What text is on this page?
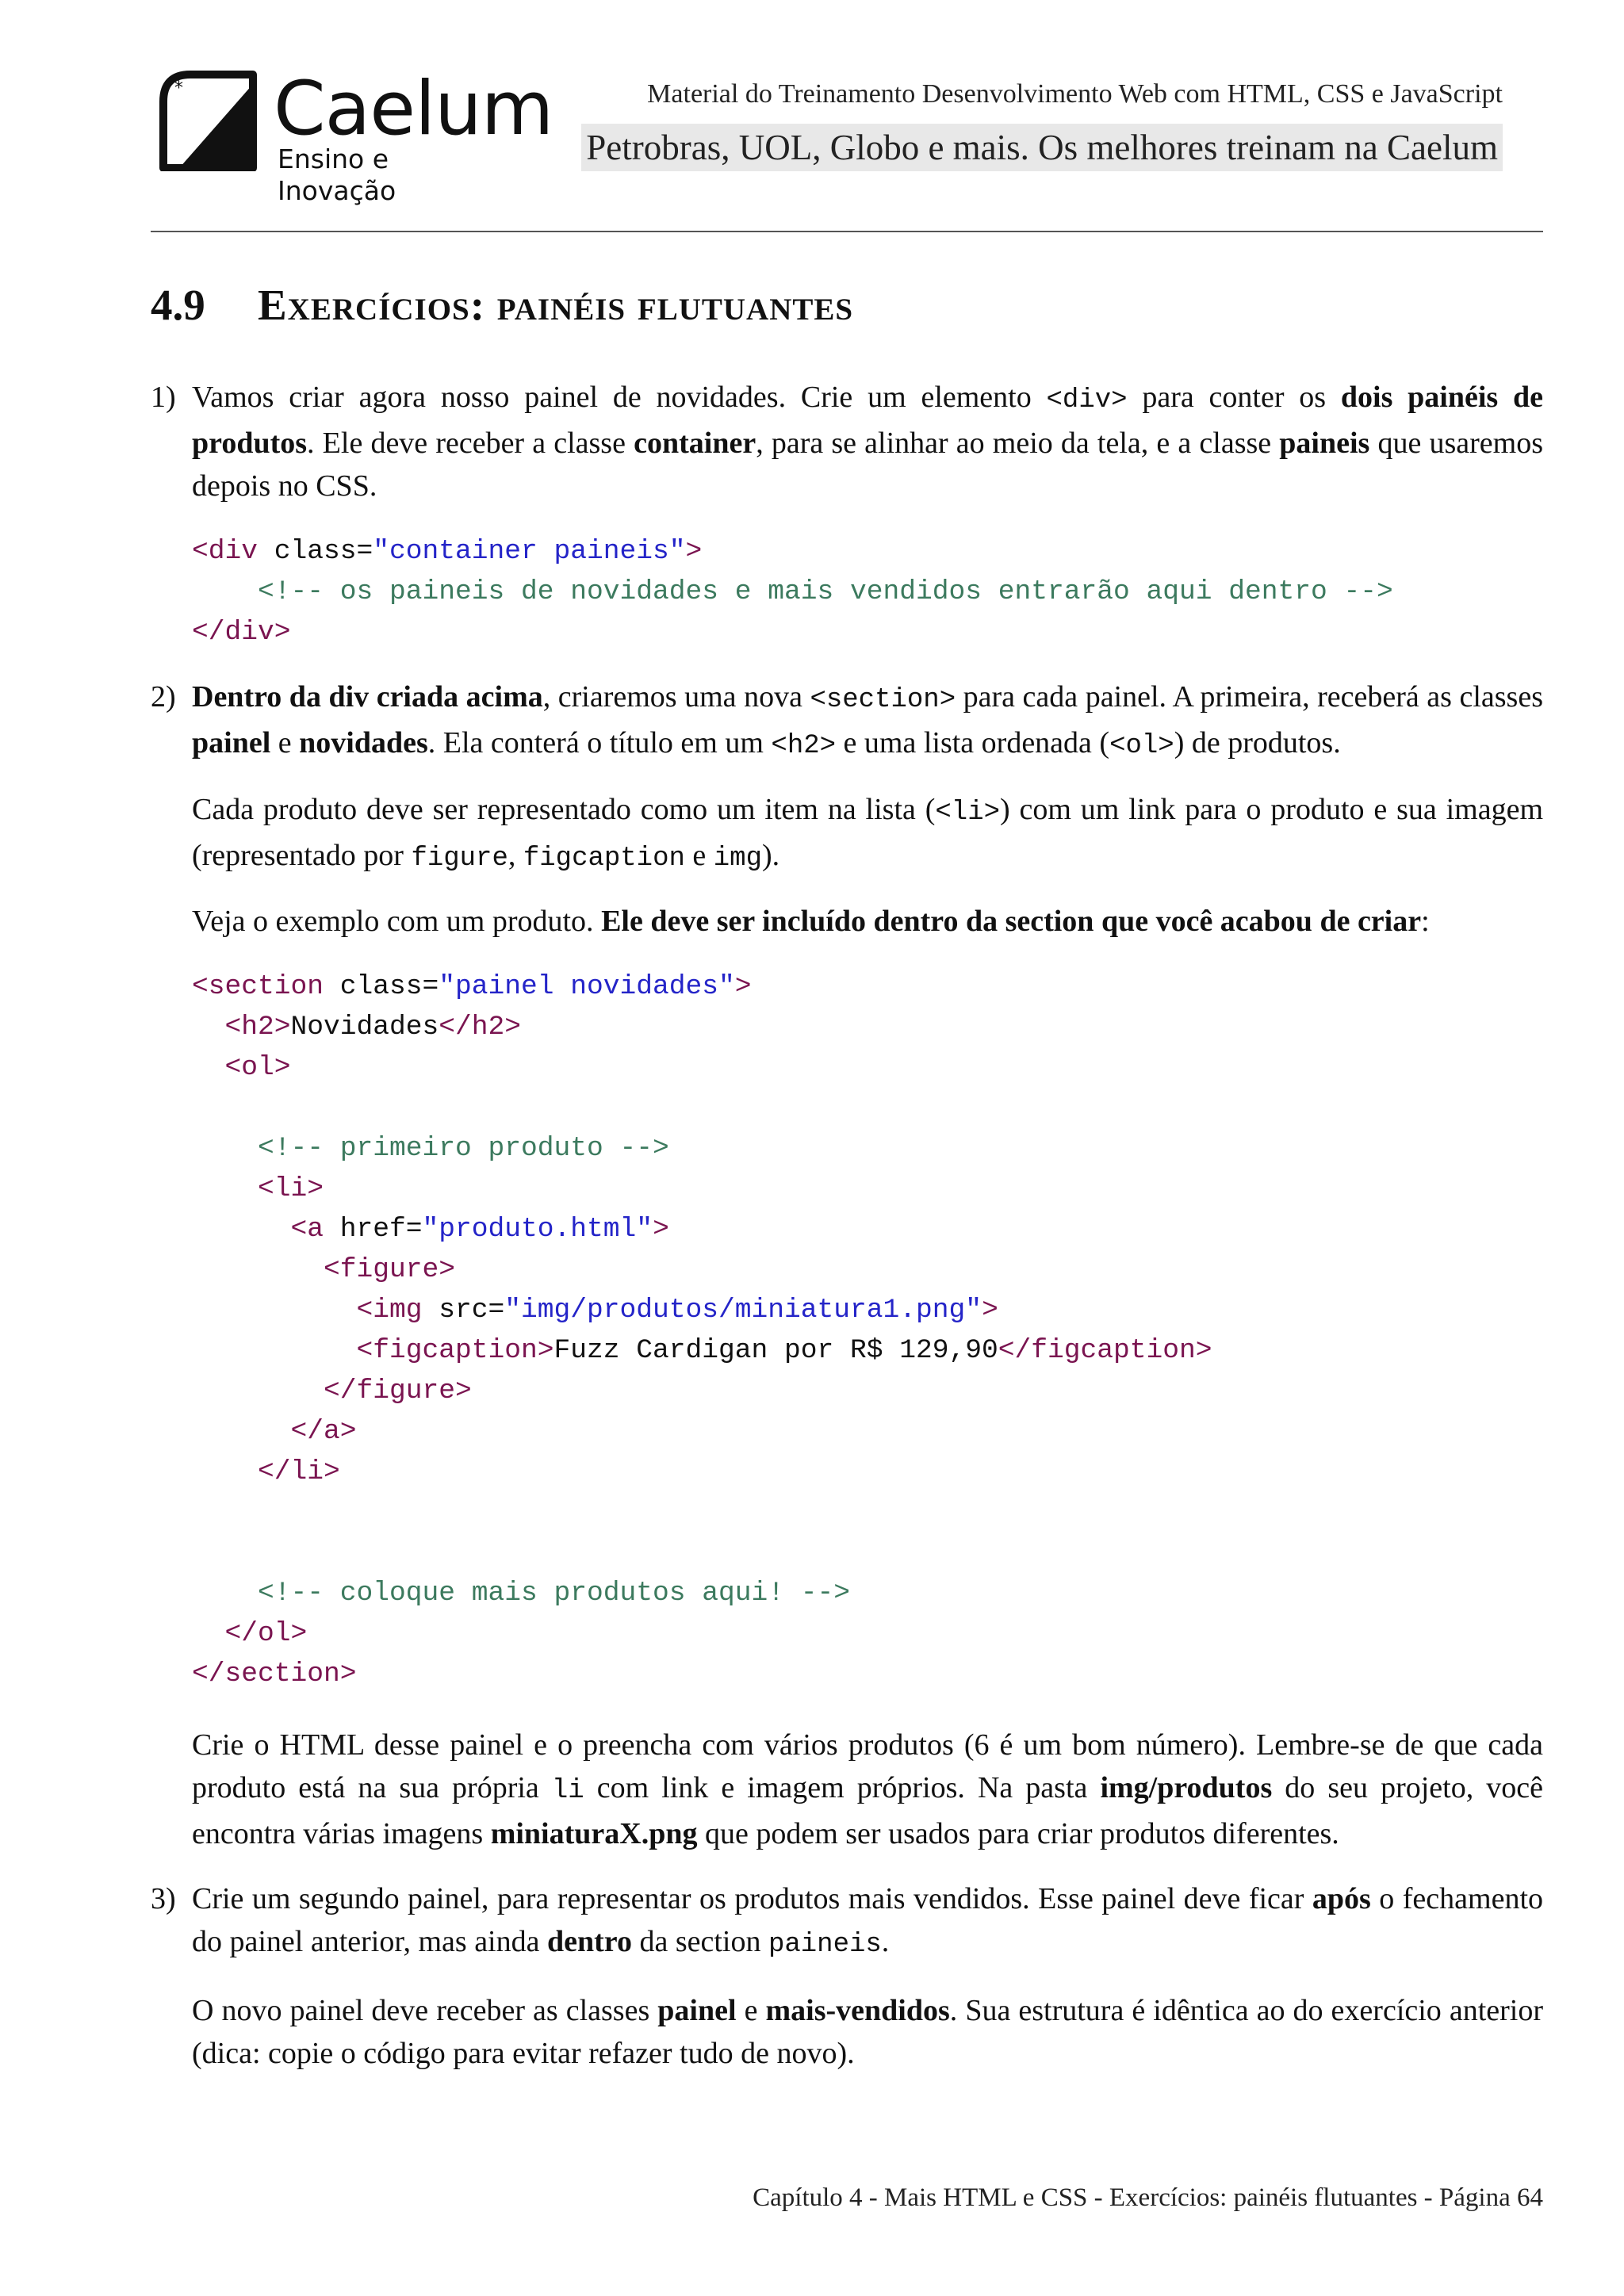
* Caelum
Ensino e Inovação
Material do Treinamento Desenvolvimento Web com HTML, CSS e JavaScript
Petrobras, UOL, Globo e mais. Os melhores treinam na Caelum
4.9 Exercícios: painéis flutuantes
1) Vamos criar agora nosso painel de novidades. Crie um elemento <div> para conter os dois painéis de produtos. Ele deve receber a classe container, para se alinhar ao meio da tela, e a classe paineis que usaremos depois no CSS.
<div class="container paineis">
<!-- os paineis de novidades e mais vendidos entrarão aqui dentro -->
</div>
2) Dentro da div criada acima, criaremos uma nova <section> para cada painel. A primeira, receberá as classes painel e novidades. Ela conterá o título em um <h2> e uma lista ordenada (<ol>) de produtos.
Cada produto deve ser representado como um item na lista (<li>) com um link para o produto e sua imagem (representado por figure, figcaption e img).
Veja o exemplo com um produto. Ele deve ser incluído dentro da section que você acabou de criar:
<section class="painel novidades">
<h2>Novidades</h2>
<ol>

<!-- primeiro produto -->
<li>
<a href="produto.html">
<figure>
<img src="img/produtos/miniatura1.png">
<figcaption>Fuzz Cardigan por R$ 129,90</figcaption>
</figure>
</a>
</li>

<!-- coloque mais produtos aqui! -->
</ol>
</section>
Crie o HTML desse painel e o preencha com vários produtos (6 é um bom número). Lembre-se de que cada produto está na sua própria li com link e imagem próprios. Na pasta img/produtos do seu projeto, você encontra várias imagens miniaturaX.png que podem ser usados para criar produtos diferentes.
3) Crie um segundo painel, para representar os produtos mais vendidos. Esse painel deve ficar após o fechamento do painel anterior, mas ainda dentro da section paineis.
O novo painel deve receber as classes painel e mais-vendidos. Sua estrutura é idêntica ao do exercício anterior (dica: copie o código para evitar refazer tudo de novo).
Capítulo 4 - Mais HTML e CSS - Exercícios: painéis flutuantes - Página 64
